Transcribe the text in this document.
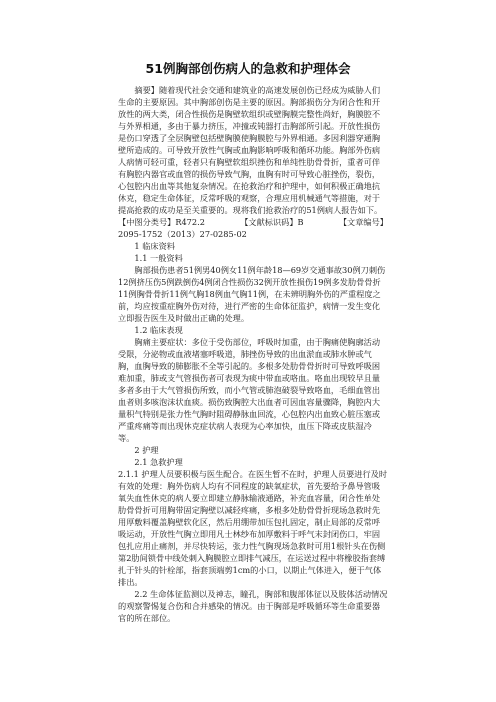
51例胸部创伤病人的急救和护理体会

摘要】随着现代社会交通和建筑业的高速发展创伤已经成为威胁人们生命的主要原因。其中胸部创伤是主要的原因。胸部损伤分为闭合性和开放性的两大类，闭合性损伤是胸壁软组织或壁胸膜完整性尚好，胸膜腔不与外界相通，多由于暴力挤压，冲撞或钝器打击胸部所引起。开放性损伤是伤口穿透了全层胸壁包括壁胸膜使胸膜腔与外界相通。多因利器穿通胸壁所造成的。可导致开放性气胸或血胸影响呼吸和循环功能。胸部外伤病人病情可轻可重，轻者只有胸壁软组织挫伤和单纯性肋骨骨折，重者可伴有胸腔内器官或血管的损伤导致气胸，血胸有时可导致心脏挫伤，裂伤，心包腔内出血等其他复杂情况。在抢救治疗和护理中，如何积极正确地抗休克，稳定生命体征，反常呼吸的观察，合理应用机械通气等措施，对于提高抢救的成功是至关重要的。现将我们抢救治疗的51例病人报告如下。

【中图分类号】R472.2	【文献标识码】B	【文章编号】

2095-1752（2013）27-0285-02

1 临床资料

1.1 一般资料

胸部损伤患者51例男40例女11例年龄18—69岁交通事故30例刀刺伤12例挤压伤5例跌倒伤4例闭合性损伤32例开放性损伤19例多发肋骨骨折11例胸骨骨折11例气胸18例血气胸11例，在未辨明胸外伤的严重程度之前，均应按重症胸外伤对待，进行严密的生命体征监护，病情一发生变化立即报告医生及时做出正确的处理。

1.2 临床表现

胸痛主要症状：多位于受伤部位，呼吸时加重，由于胸痛使胸廓活动受限，分泌物或血液堵塞呼吸道，肺挫伤导致的出血淤血或肺水肿或气胸，血胸导致的肺膨胀不全等引起的。多根多处肋骨骨折时可导致呼吸困难加重，肺或支气管损伤者可表现为痰中带血或咯血。咯血出现较早且量多者多由于大气管损伤所致，而小气管或肺泡破裂导致咯血，毛细血管出血者则多咳泡沫状血痰。损伤致胸腔大出血者可因血容量骤降，胸腔内大量积气特别是张力性气胸时阻碍静脉血回流，心包腔内出血致心脏压塞或严重疼痛等而出现休克症状病人表现为心率加快，血压下降或皮肤湿冷等。

2 护理

2.1 急救护理

2.1.1 护理人员要积极与医生配合。在医生暂不在时，护理人员要进行及时有效的处理：胸外伤病人均有不同程度的缺氧症状，首先要给予鼻导管吸氧失血性休克的病人要立即建立静脉输液通路，补充血容量，闭合性单处肋骨骨折可用胸带固定胸壁以减轻疼痛，多根多处肋骨骨折现场急救时先用厚敷料覆盖胸壁软化区，然后用绷带加压包扎固定，制止局部的反常呼吸运动，开放性气胸立即用凡士林纱布加厚敷料于呼气末封闭伤口，牢固包扎应用止痛剂，并尽快转运，张力性气胸现场急救时可用1根针头在伤侧第2肋间锁骨中线处刺入胸膜腔立即排气减压，在运送过程中将橡胶指套缚扎于针头的针栓部，指套顶端剪1cm的小口，以期止气体进入，便于气体排出。

2.2 生命体征监测以及神志，瞳孔，胸部和腹部体征以及肢体活动情况的观察警惕复合伤和合并感染的情况。由于胸部是呼吸循环等生命重要器官的所在部位。
